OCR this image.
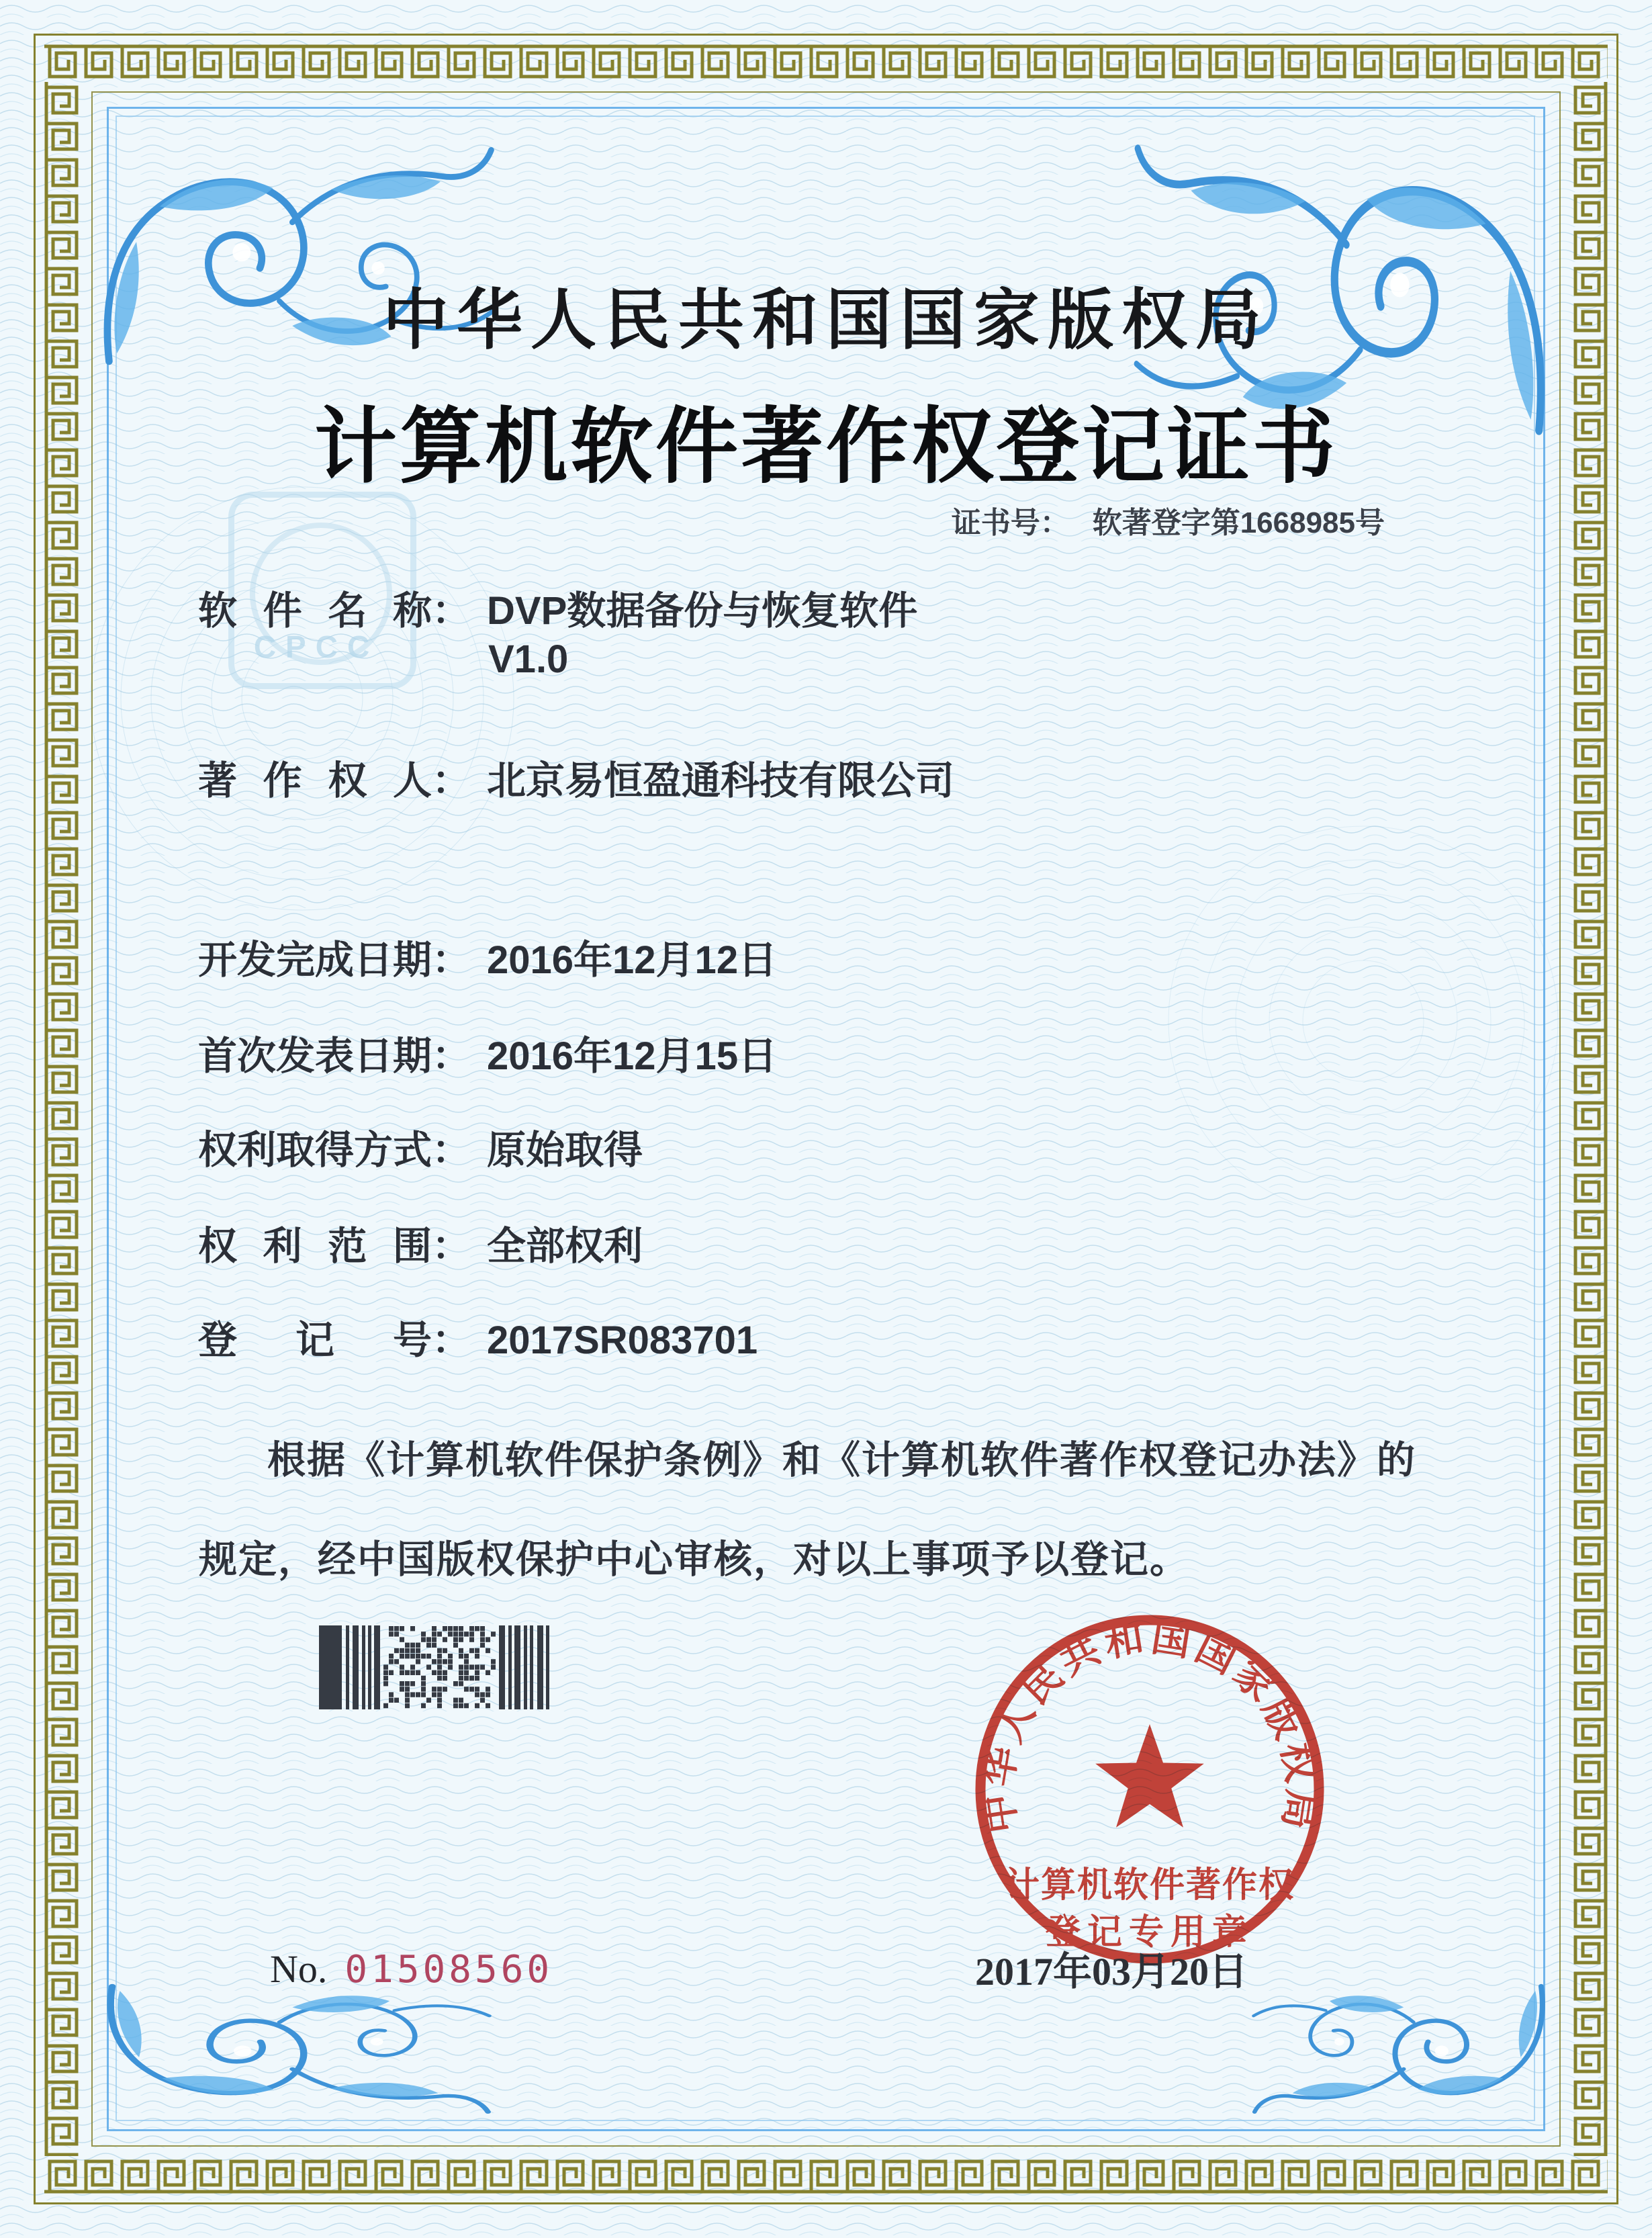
CPCC
中华人民共和国国家版权局
计算机软件著作权登记证书
证书号： 软著登字第1668985号
软件名称： DVP数据备份与恢复软件
V1.0
著作权人： 北京易恒盈通科技有限公司
开发完成日期： 2016年12月12日
首次发表日期： 2016年12月15日
权利取得方式： 原始取得
权利范围： 全部权利
登记号： 2017SR083701
根据《计算机软件保护条例》和《计算机软件著作权登记办法》的
规定，经中国版权保护中心审核，对以上事项予以登记。
中华人民共和国国家版权局
计算机软件著作权
登记专用章
2017年03月20日
No. 01508560
